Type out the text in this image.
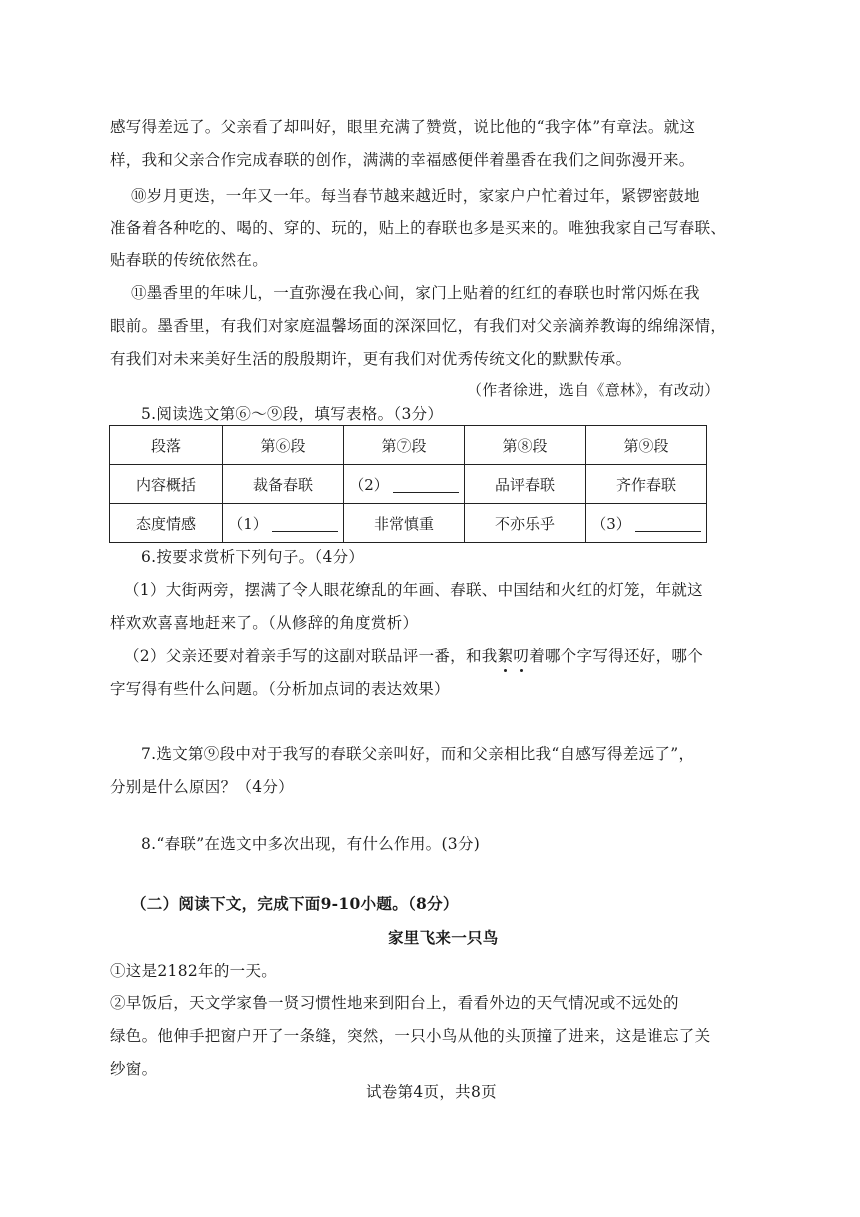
感写得差远了。父亲看了却叫好，眼里充满了赞赏，说比他的“我字体”有章法。就这
样，我和父亲合作完成春联的创作，满满的幸福感便伴着墨香在我们之间弥漫开来。
⑩岁月更迭，一年又一年。每当春节越来越近时，家家户户忙着过年，紧锣密鼓地
准备着各种吃的、喝的、穿的、玩的，贴上的春联也多是买来的。唯独我家自己写春联、
贴春联的传统依然在。
⑪墨香里的年味儿，一直弥漫在我心间，家门上贴着的红红的春联也时常闪烁在我
眼前。墨香里，有我们对家庭温馨场面的深深回忆，有我们对父亲滴养教诲的绵绵深情，
有我们对未来美好生活的殷殷期许，更有我们对优秀传统文化的默默传承。
（作者徐进，选自《意林》，有改动）
5.阅读选文第⑥～⑨段，填写表格。（3分）
段落	第⑥段	第⑦段	第⑧段	第⑨段
内容概括	裁备春联	（2）	品评春联	齐作春联
态度情感	（1）	非常慎重	不亦乐乎	（3）
6.按要求赏析下列句子。（4分）
（1）大街两旁，摆满了令人眼花缭乱的年画、春联、中国结和火红的灯笼，年就这
样欢欢喜喜地赶来了。（从修辞的角度赏析）
（2）父亲还要对着亲手写的这副对联品评一番，和我絮叨着哪个字写得还好，哪个
字写得有些什么问题。（分析加点词的表达效果）
7.选文第⑨段中对于我写的春联父亲叫好，而和父亲相比我“自感写得差远了”，
分别是什么原因？（4分）
8.“春联”在选文中多次出现，有什么作用。(3分)
（二）阅读下文，完成下面9-10小题。（8分）
家里飞来一只鸟
①这是2182年的一天。
②早饭后，天文学家鲁一贤习惯性地来到阳台上，看看外边的天气情况或不远处的
绿色。他伸手把窗户开了一条缝，突然，一只小鸟从他的头顶撞了进来，这是谁忘了关
纱窗。
试卷第4页，共8页
